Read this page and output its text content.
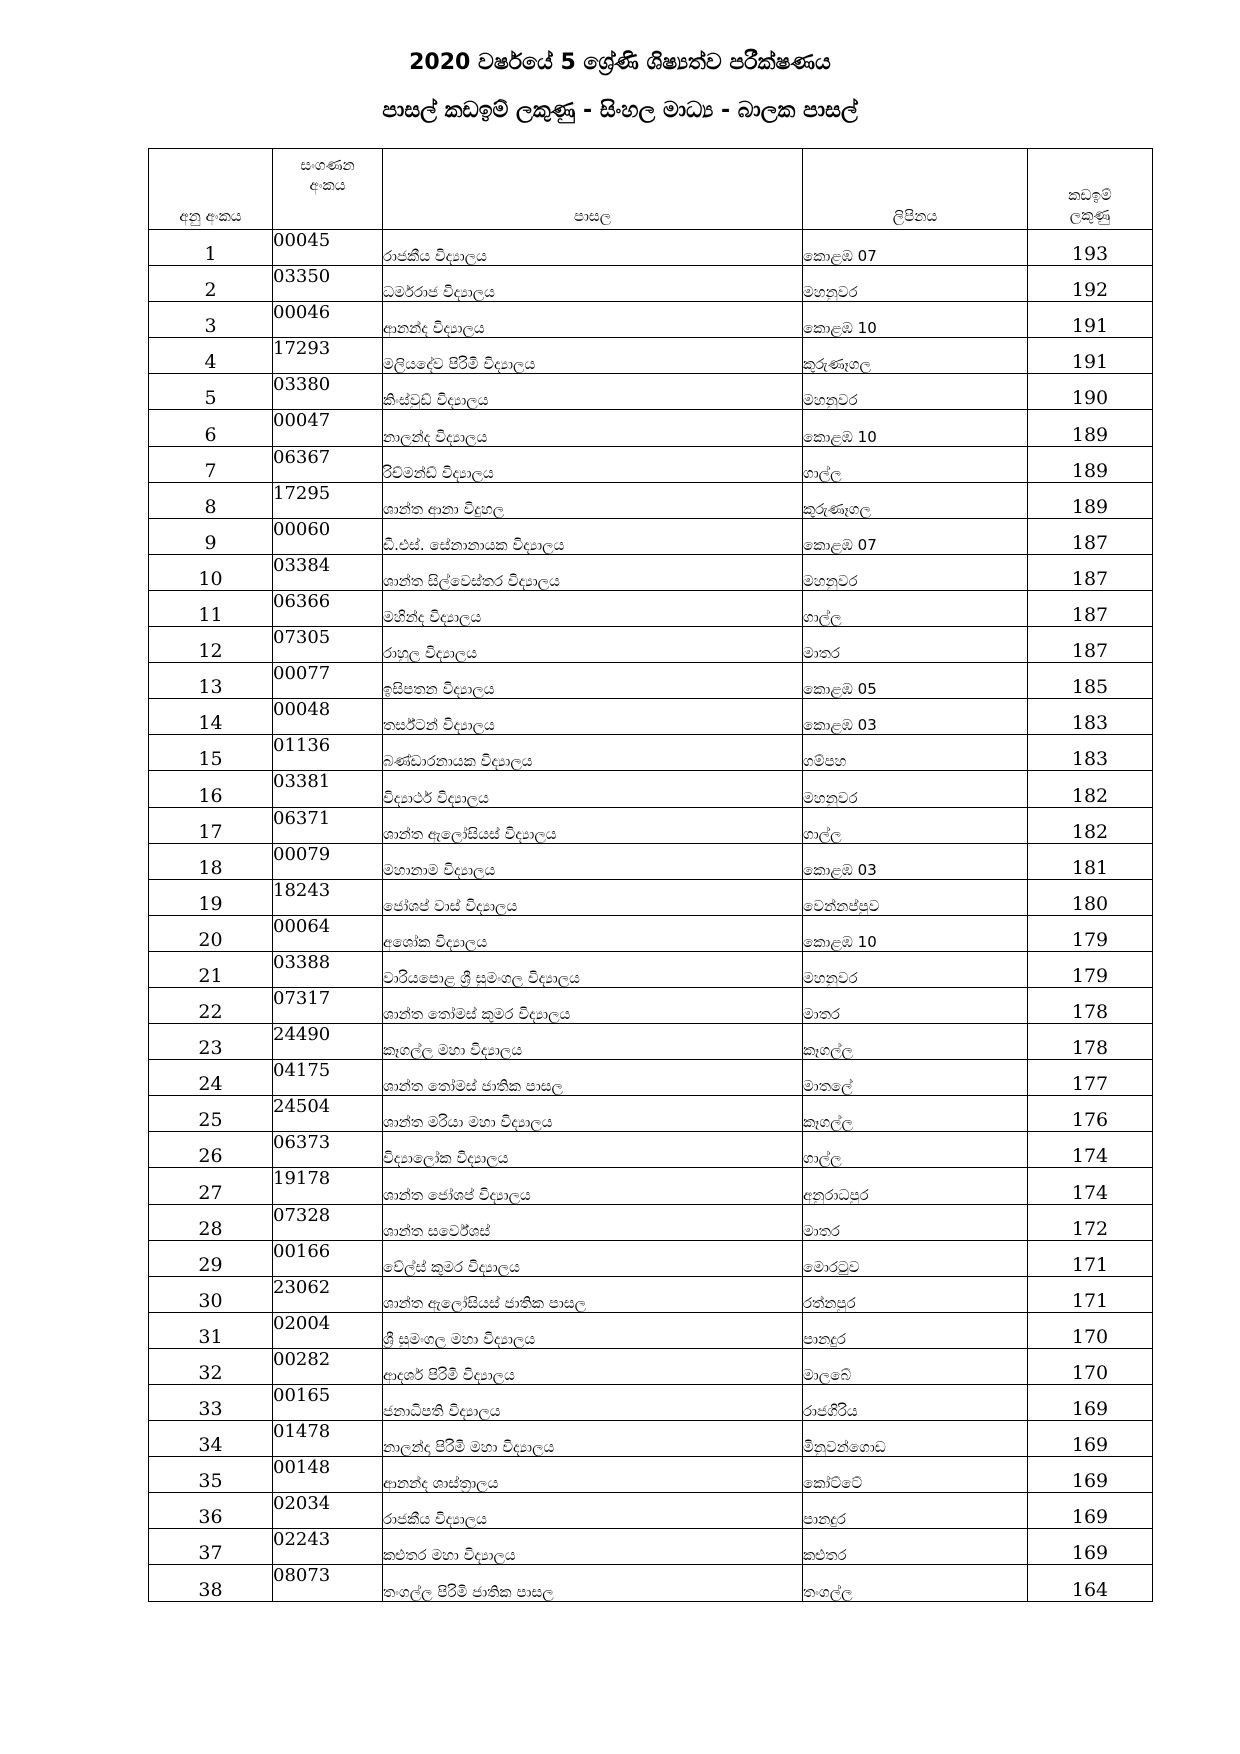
2020 වර්ෂයේ 5 ශ්‍රේණි ශිෂ්‍යත්ව පරීක්ෂණය
පාසල් කඩඉම් ලකුණු - සිංහල මාධ්‍ය - බාලක පාසල්
අනු අංකය	සංගණන අංකය	පාසල	ලිපිනය	කඩඉම් ලකුණු
1	00045	රාජකීය විද්‍යාලය	කොළඹ 07	193
2	03350	ධර්මරාජ විද්‍යාලය	මහනුවර	192
3	00046	ආනන්ද විද්‍යාලය	කොළඹ 10	191
4	17293	මලියදේව පිරිමි විද්‍යාලය	කුරුණෑගල	191
5	03380	කිංස්වුඩ් විද්‍යාලය	මහනුවර	190
6	00047	නාලන්ද විද්‍යාලය	කොළඹ 10	189
7	06367	රිච්මන්ඩ් විද්‍යාලය	ගාල්ල	189
8	17295	ශාන්ත ආනා විදුහල	කුරුණෑගල	189
9	00060	ඩී.එස්. සේනානායක විද්‍යාලය	කොළඹ 07	187
10	03384	ශාන්ත සිල්වෙස්තර විද්‍යාලය	මහනුවර	187
11	06366	මහින්ද විද්‍යාලය	ගාල්ල	187
12	07305	රාහුල විද්‍යාලය	මාතර	187
13	00077	ඉසිපතන විද්‍යාලය	කොළඹ 05	185
14	00048	තර්ස්ටන් විද්‍යාලය	කොළඹ 03	183
15	01136	බණ්ඩාරනායක විද්‍යාලය	ගම්පහ	183
16	03381	විද්‍යාර්ථ විද්‍යාලය	මහනුවර	182
17	06371	ශාන්ත ඇලෝසියස් විද්‍යාලය	ගාල්ල	182
18	00079	මහානාම විද්‍යාලය	කොළඹ 03	181
19	18243	ජෝශප් වාස් විද්‍යාලය	වෙන්නප්පුව	180
20	00064	අශෝක විද්‍යාලය	කොළඹ 10	179
21	03388	වාරියපොළ ශ්‍රී සුමංගල විද්‍යාලය	මහනුවර	179
22	07317	ශාන්ත තෝමස් කුමර විද්‍යාලය	මාතර	178
23	24490	කෑගල්ල මහා විද්‍යාලය	කෑගල්ල	178
24	04175	ශාන්ත තෝමස් ජාතික පාසල	මාතලේ	177
25	24504	ශාන්ත මරියා මහා විද්‍යාලය	කෑගල්ල	176
26	06373	විද්‍යාලෝක විද්‍යාලය	ගාල්ල	174
27	19178	ශාන්ත ජෝශප් විද්‍යාලය	අනුරාධපුර	174
28	07328	ශාන්ත සර්වේශස්	මාතර	172
29	00166	වේල්ස් කුමර විද්‍යාලය	මොරටුව	171
30	23062	ශාන්ත ඇලෝසියස් ජාතික පාසල	රත්නපුර	171
31	02004	ශ්‍රී සුමංගල මහා විද්‍යාලය	පානදුර	170
32	00282	ආදර්ශ පිරිමි විද්‍යාලය	මාලබේ	170
33	00165	ජනාධිපති විද්‍යාලය	රාජගිරිය	169
34	01478	නාලන්දා පිරිමි මහා විද්‍යාලය	මිනුවන්ගොඩ	169
35	00148	ආනන්ද ශාස්ත්‍රාලය	කෝට්ටේ	169
36	02034	රාජකීය විද්‍යාලය	පානදුර	169
37	02243	කළුතර මහා විද්‍යාලය	කළුතර	169
38	08073	තංගල්ල පිරිමි ජාතික පාසල	තංගල්ල	164
